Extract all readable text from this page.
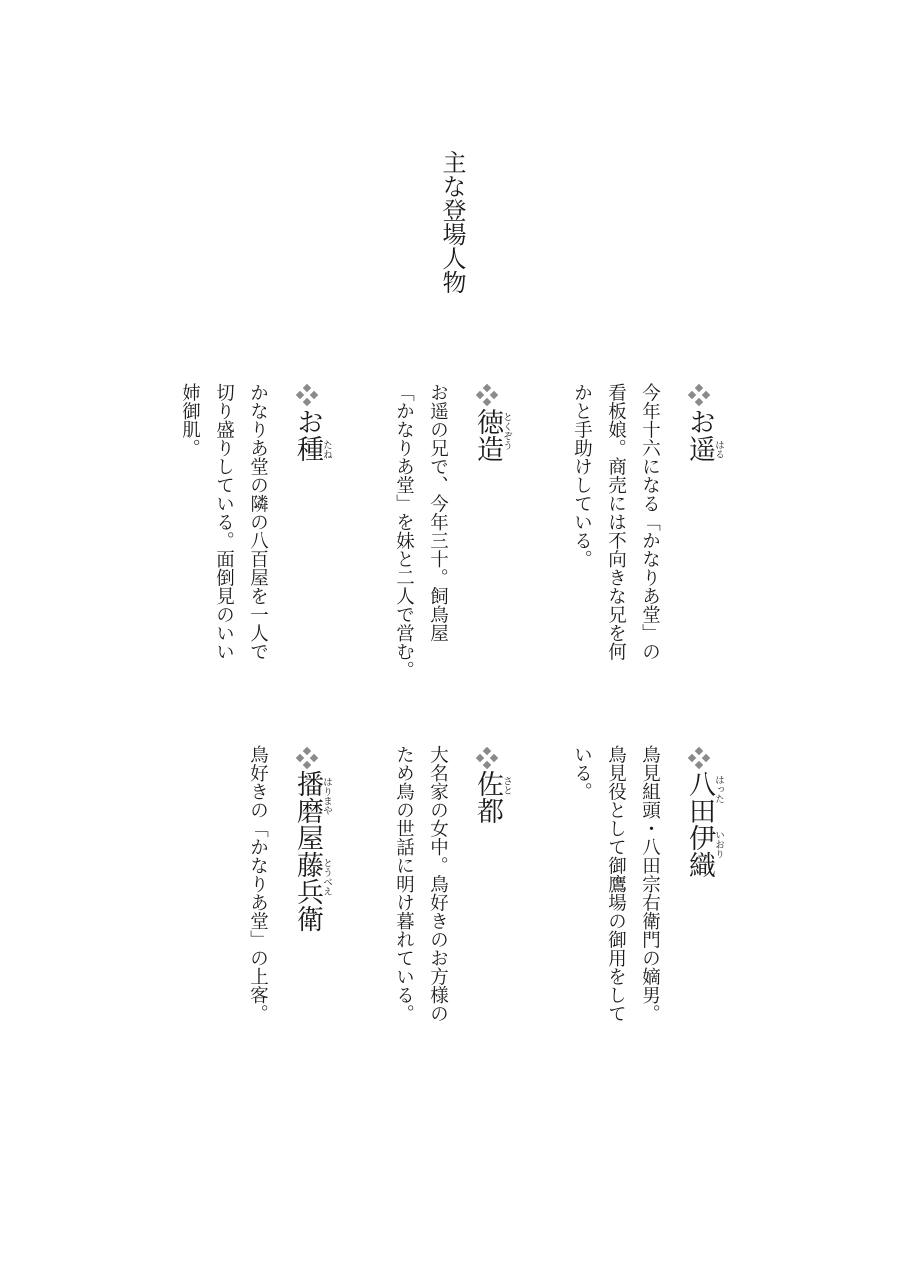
主な登場人物
お遥
はる
今年十六になる「かなりあ堂」の
看板娘。商売には不向きな兄を何
かと手助けしている。
徳造
とくぞう
お遥の兄で、今年三十。飼鳥屋
「かなりあ堂」を妹と二人で営む。
お種
たね
かなりあ堂の隣の八百屋を一人で
切り盛りしている。面倒見のいい
姉御肌。
八田伊織
はった
いおり
鳥見組頭・八田宗右衛門の嫡男。
鳥見役として御鷹場の御用をして
いる。
佐都
さと
大名家の女中。鳥好きのお方様の
ため鳥の世話に明け暮れている。
播磨屋藤兵衛
はりまや
とうべえ
鳥好きの「かなりあ堂」の上客。
